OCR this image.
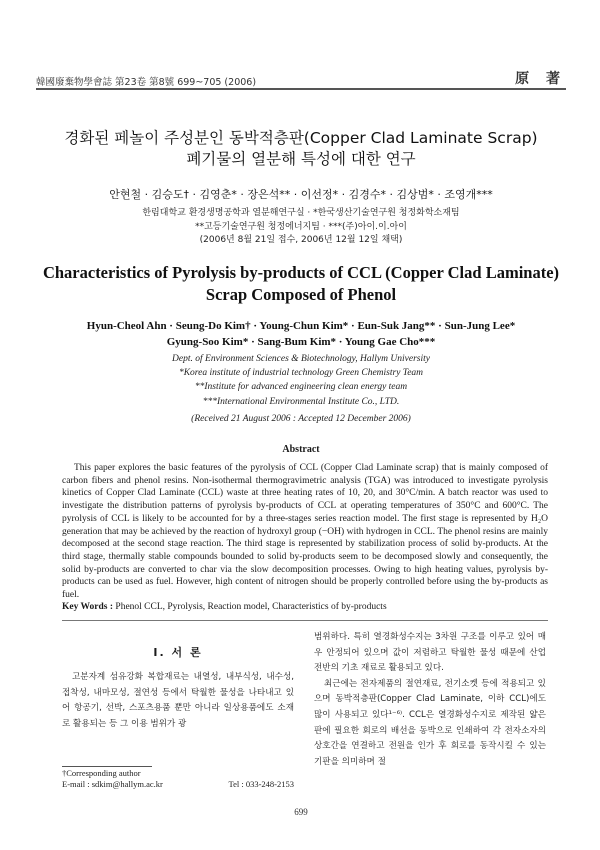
韓國廢棄物學會誌 第23卷 第8號 699~705 (2006)	原 著
경화된 페놀이 주성분인 동박적층판(Copper Clad Laminate Scrap)
폐기물의 열분해 특성에 대한 연구
안현철 · 김승도† · 김영춘* · 장은석** · 이선정* · 김경수* · 김상범* · 조영개***
한림대학교 환경생명공학과 열분해연구실 · *한국생산기술연구원 청정화학소재팀
**고등기술연구원 청정에너지팀 · ***(주)아이.이.아이
(2006년 8월 21일 접수, 2006년 12월 12일 채택)
Characteristics of Pyrolysis by-products of CCL (Copper Clad Laminate)
Scrap Composed of Phenol
Hyun-Cheol Ahn · Seung-Do Kim† · Young-Chun Kim* · Eun-Suk Jang** · Sun-Jung Lee*
Gyung-Soo Kim* · Sang-Bum Kim* · Young Gae Cho***
Dept. of Environment Sciences & Biotechnology, Hallym University
*Korea institute of industrial technology Green Chemistry Team
**Institute for advanced engineering clean energy team
***International Environmental Institute Co., LTD.
(Received 21 August 2006 : Accepted 12 December 2006)
Abstract
This paper explores the basic features of the pyrolysis of CCL (Copper Clad Laminate scrap) that is mainly composed of carbon fibers and phenol resins. Non-isothermal thermogravimetric analysis (TGA) was introduced to investigate pyrolysis kinetics of Copper Clad Laminate (CCL) waste at three heating rates of 10, 20, and 30°C/min. A batch reactor was used to investigate the distribution patterns of pyrolysis by-products of CCL at operating temperatures of 350°C and 600°C. The pyrolysis of CCL is likely to be accounted for by a three-stages series reaction model. The first stage is represented by H₂O generation that may be achieved by the reaction of hydroxyl group (−OH) with hydrogen in CCL. The phenol resins are mainly decomposed at the second stage reaction. The third stage is represented by stabilization process of solid by-products. At the third stage, thermally stable compounds bounded to solid by-products seem to be decomposed slowly and consequently, the solid by-products are converted to char via the slow decomposition processes. Owing to high heating values, pyrolysis by-products can be used as fuel. However, high content of nitrogen should be properly controlled before using the by-products as fuel.
Key Words : Phenol CCL, Pyrolysis, Reaction model, Characteristics of by-products
I. 서 론

고분자계 섬유강화 복합재료는 내열성, 내부식성, 내수성, 접착성, 내마모성, 절연성 등에서 탁월한 물성을 나타내고 있어 항공기, 선박, 스포츠용품 뿐만 아니라 일상용품에도 소재로 활용되는 등 그 이용 범위가 광

범위하다. 특히 열경화성수지는 3차원 구조를 이루고 있어 매우 안정되어 있으며 값이 저렴하고 탁월한 물성 때문에 산업 전반의 기초 재료로 활용되고 있다.

최근에는 전자제품의 절연재료, 전기소켓 등에 적용되고 있으며 동박적층판(Copper Clad Laminate, 이하 CCL)에도 많이 사용되고 있다¹⁻⁶⁾. CCL은 열경화성수지로 제작된 얇은 판에 필요한 회로의 배선을 동박으로 인쇄하여 각 전자소자의 상호간을 연결하고 전원을 인가 후 회로를 동작시킬 수 있는 기판을 의미하며 절

†Corresponding author
E-mail : sdkim@hallym.ac.kr	Tel : 033-248-2153
699
